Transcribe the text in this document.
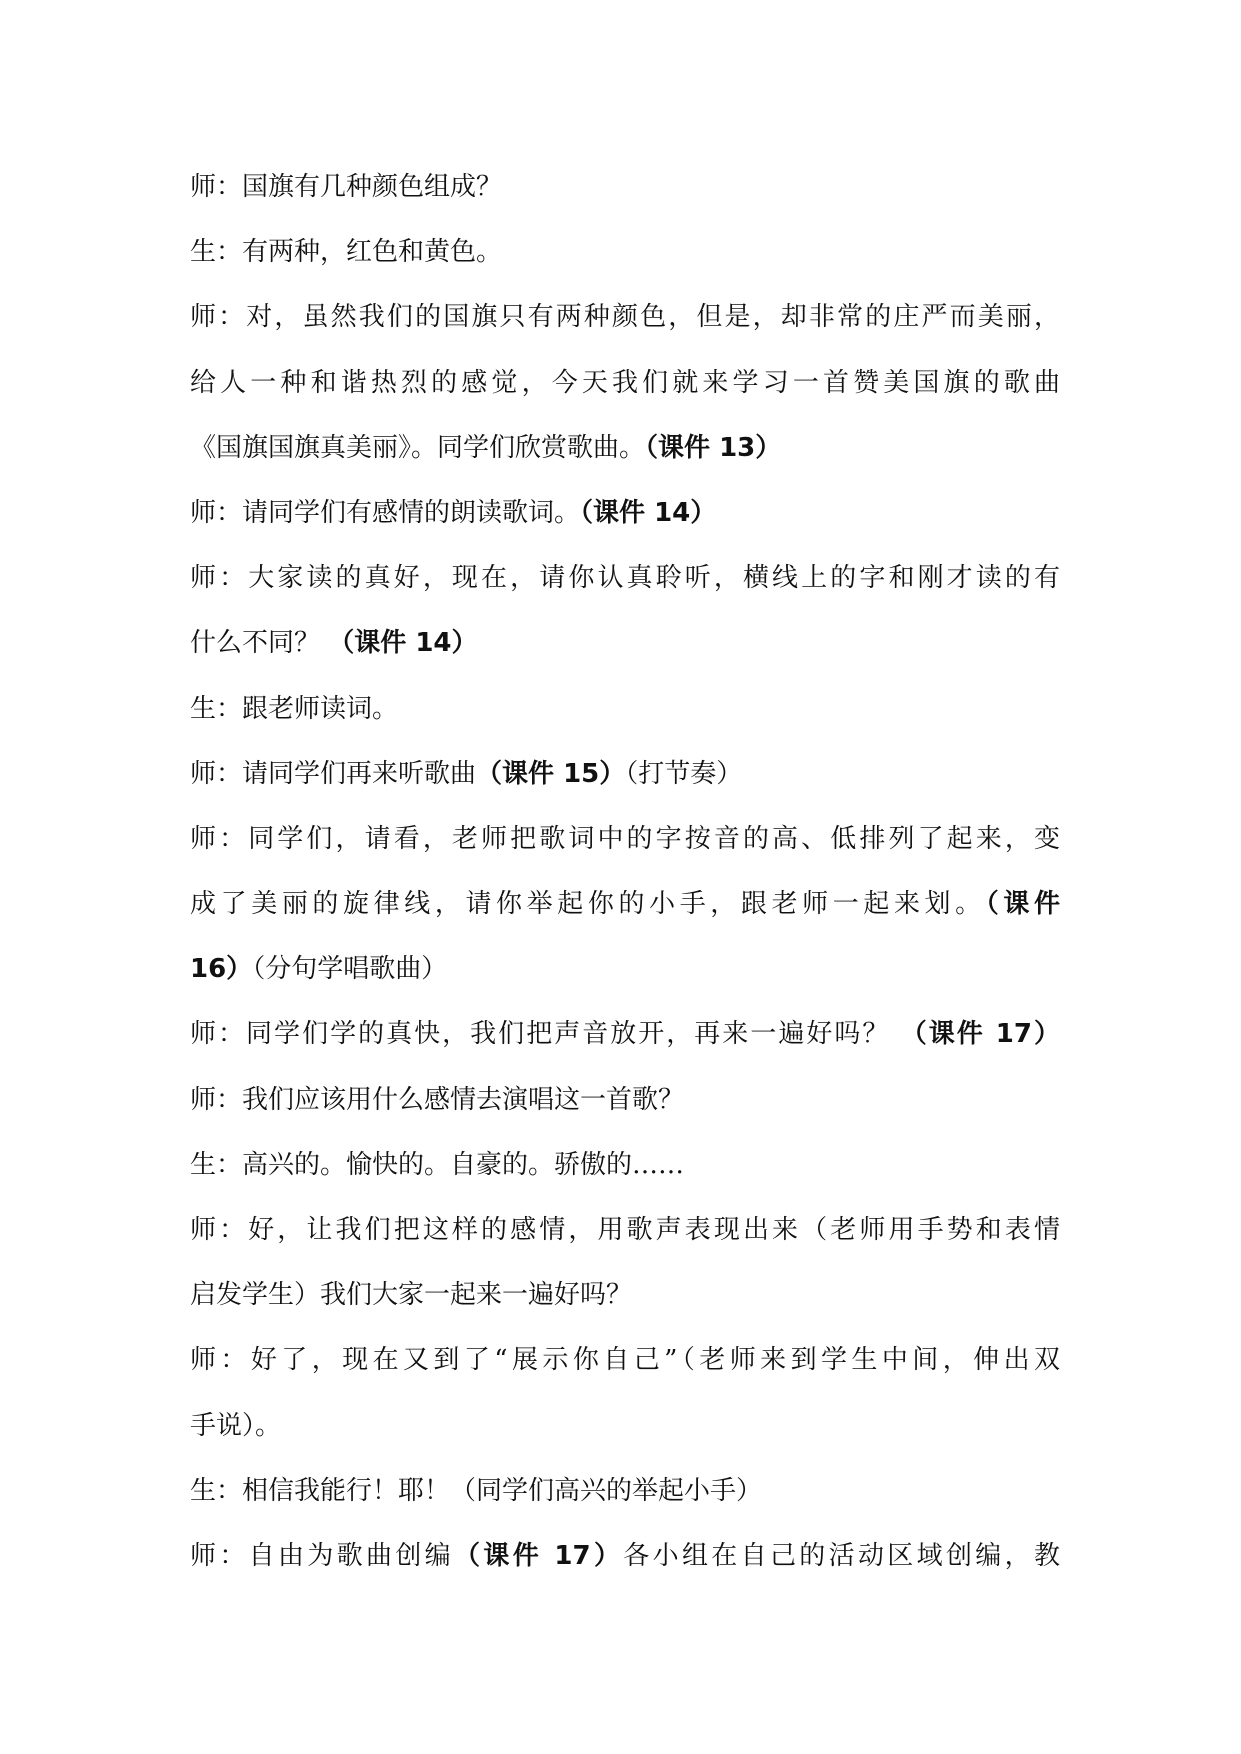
师：国旗有几种颜色组成？
生：有两种，红色和黄色。
师：对，虽然我们的国旗只有两种颜色，但是，却非常的庄严而美丽，
给人一种和谐热烈的感觉，今天我们就来学习一首赞美国旗的歌曲
《国旗国旗真美丽》。同学们欣赏歌曲。（课件 13）
师：请同学们有感情的朗读歌词。（课件 14）
师：大家读的真好，现在，请你认真聆听，横线上的字和刚才读的有
什么不同？ （课件 14）
生：跟老师读词。
师：请同学们再来听歌曲（课件 15）（打节奏）
师：同学们，请看，老师把歌词中的字按音的高、低排列了起来，变
成了美丽的旋律线，请你举起你的小手，跟老师一起来划。（课件
16）（分句学唱歌曲）
师：同学们学的真快，我们把声音放开，再来一遍好吗？ （课件 17）
师：我们应该用什么感情去演唱这一首歌？
生：高兴的。愉快的。自豪的。骄傲的……
师：好，让我们把这样的感情，用歌声表现出来（老师用手势和表情
启发学生）我们大家一起来一遍好吗？
师：好了，现在又到了“展示你自己”（老师来到学生中间，伸出双
手说）。
生：相信我能行！耶！（同学们高兴的举起小手）
师：自由为歌曲创编（课件 17）各小组在自己的活动区域创编，教
